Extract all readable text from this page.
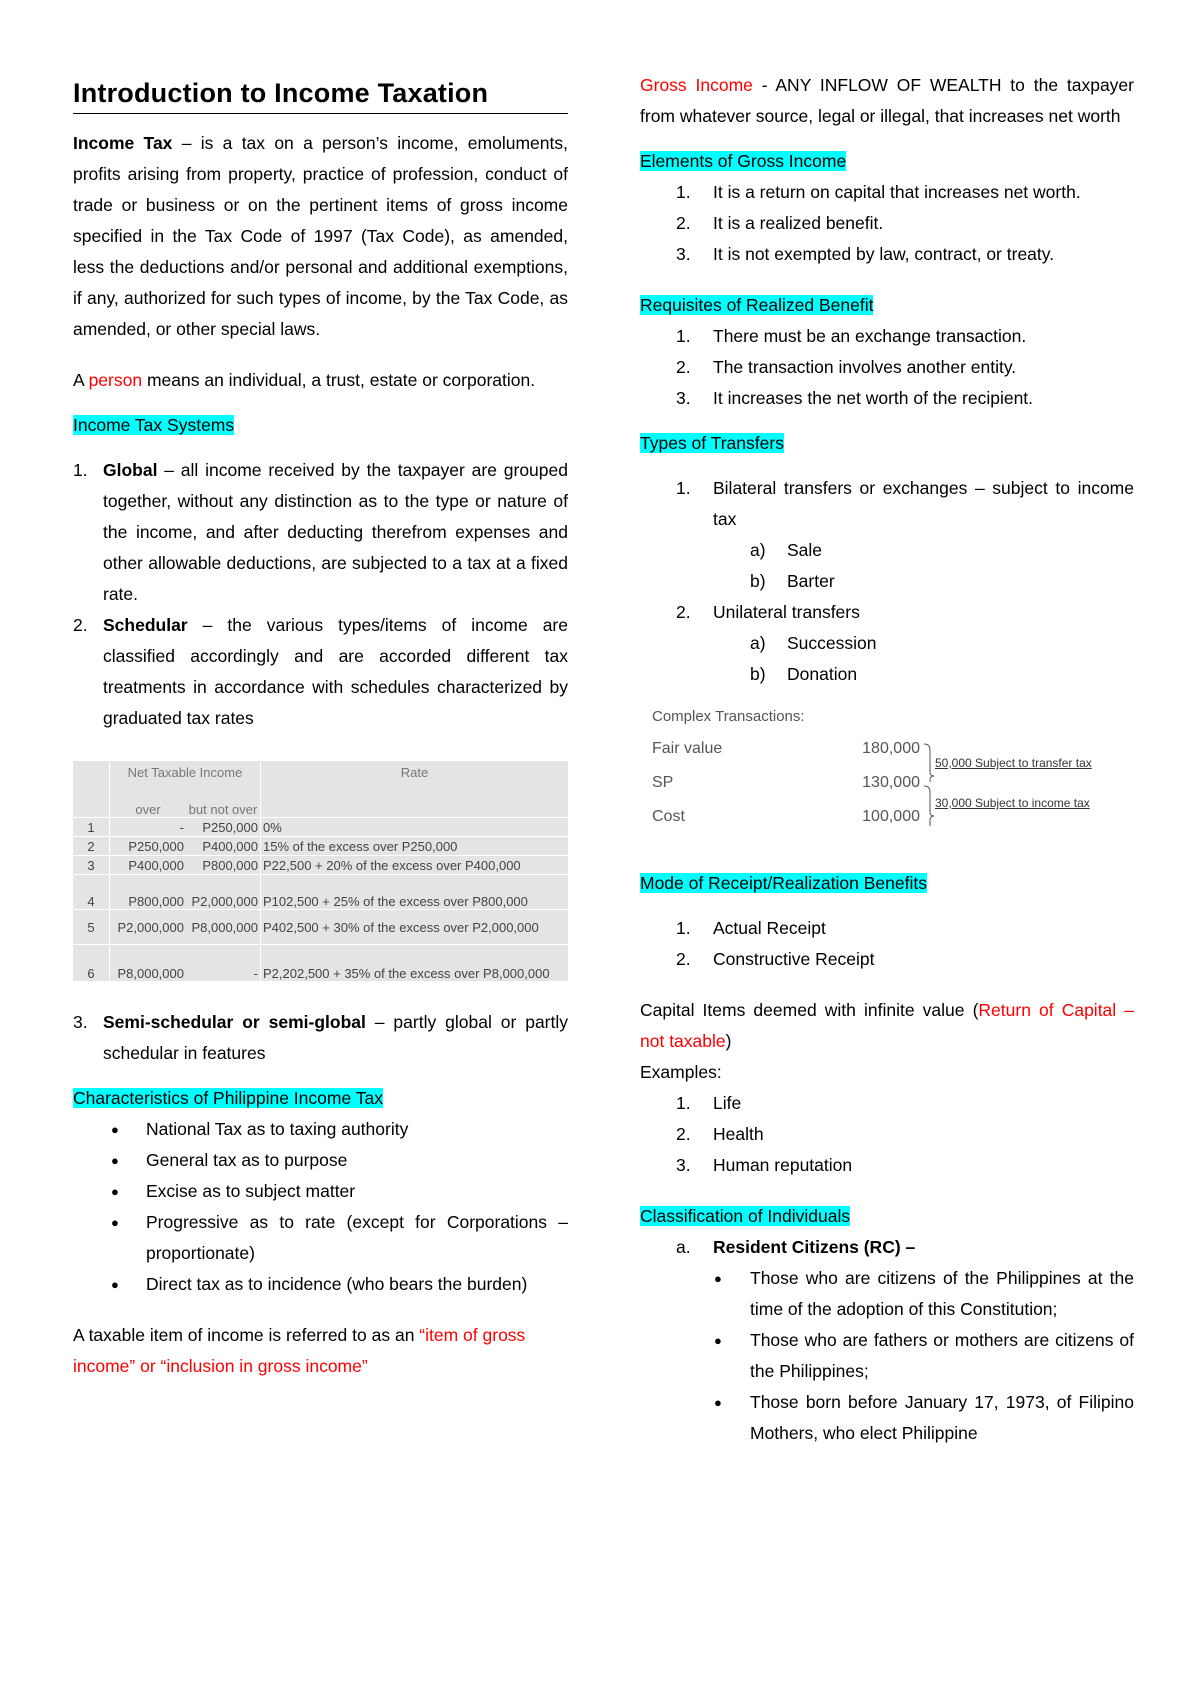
Introduction to Income Taxation

Income Tax – is a tax on a person’s income, emoluments, profits arising from property, practice of profession, conduct of trade or business or on the pertinent items of gross income specified in the Tax Code of 1997 (Tax Code), as amended, less the deductions and/or personal and additional exemptions, if any, authorized for such types of income, by the Tax Code, as amended, or other special laws.

A person means an individual, a trust, estate or corporation.

Income Tax Systems

1. Global – all income received by the taxpayer are grouped together, without any distinction as to the type or nature of the income, and after deducting therefrom expenses and other allowable deductions, are subjected to a tax at a fixed rate.
2. Schedular – the various types/items of income are classified accordingly and are accorded different tax treatments in accordance with schedules characterized by graduated tax rates
	Net Taxable Income		Rate
	over	but not over	
1	-	P250,000	0%
2	P250,000	P400,000	15% of the excess over P250,000
3	P400,000	P800,000	P22,500 + 20% of the excess over P400,000
4	P800,000	P2,000,000	P102,500 + 25% of the excess over P800,000
5	P2,000,000	P8,000,000	P402,500 + 30% of the excess over P2,000,000
6	P8,000,000	-	P2,202,500 + 35% of the excess over P8,000,000
3. Semi-schedular or semi-global – partly global or partly schedular in features

Characteristics of Philippine Income Tax

● National Tax as to taxing authority
● General tax as to purpose
● Excise as to subject matter
● Progressive as to rate (except for Corporations – proportionate)
● Direct tax as to incidence (who bears the burden)

A taxable item of income is referred to as an “item of gross income” or “inclusion in gross income”

Gross Income - ANY INFLOW OF WEALTH to the taxpayer from whatever source, legal or illegal, that increases net worth

Elements of Gross Income

1.	It is a return on capital that increases net worth.
2.	It is a realized benefit.
3.	It is not exempted by law, contract, or treaty.

Requisites of Realized Benefit

1.	There must be an exchange transaction.
2.	The transaction involves another entity.
3.	It increases the net worth of the recipient.

Types of Transfers

1.	Bilateral transfers or exchanges – subject to income tax
a)	Sale
b)	Barter
2.	Unilateral transfers
a)	Succession
b)	Donation
Complex Transactions:
Fair value	180,000
SP	130,000
Cost	100,000
50,000 Subject to transfer tax
30,000 Subject to income tax

Mode of Receipt/Realization Benefits

1.	Actual Receipt
2.	Constructive Receipt

Capital Items deemed with infinite value (Return of Capital – not taxable)

Examples:

1.	Life
2.	Health
3.	Human reputation

Classification of Individuals

a.	Resident Citizens (RC) –
● Those who are citizens of the Philippines at the time of the adoption of this Constitution;
● Those who are fathers or mothers are citizens of the Philippines;
● Those born before January 17, 1973, of Filipino Mothers, who elect Philippine
